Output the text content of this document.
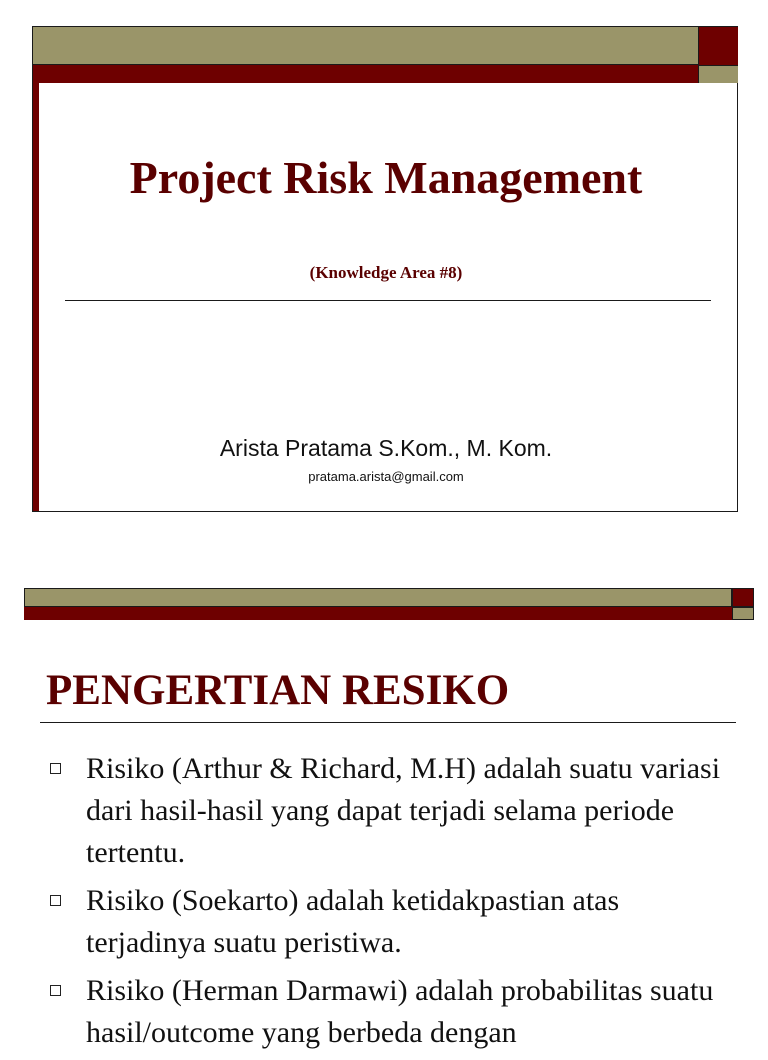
Project Risk Management
(Knowledge Area #8)
Arista Pratama S.Kom., M. Kom.
pratama.arista@gmail.com
PENGERTIAN RESIKO
Risiko (Arthur & Richard, M.H) adalah suatu variasi dari hasil-hasil yang dapat terjadi selama periode tertentu.
Risiko (Soekarto) adalah ketidakpastian atas terjadinya suatu peristiwa.
Risiko (Herman Darmawi) adalah probabilitas suatu hasil/outcome yang berbeda dengan
